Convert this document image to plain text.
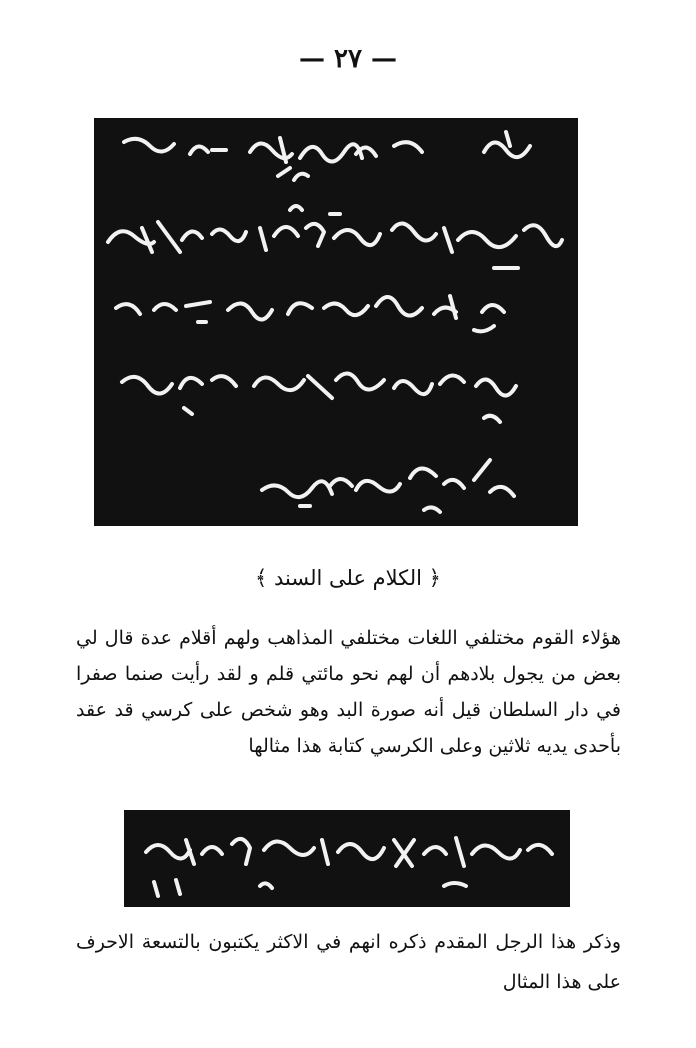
— ٢٧ —
﴿ الكلام على السند ﴾
هؤلاء القوم مختلفي اللغات مختلفي المذاهب ولهم أقلام عدة قال لي بعض من يجول بلادهم أن لهم نحو مائتي قلم و لقد رأيت صنما صفرا في دار السلطان قيل أنه صورة البد وهو شخص على كرسي قد عقد بأحدى يديه ثلاثين وعلى الكرسي كتابة هذا مثالها
وذكر هذا الرجل المقدم ذكره انهم في الاكثر يكتبون بالتسعة الاحرف على هذا المثال
